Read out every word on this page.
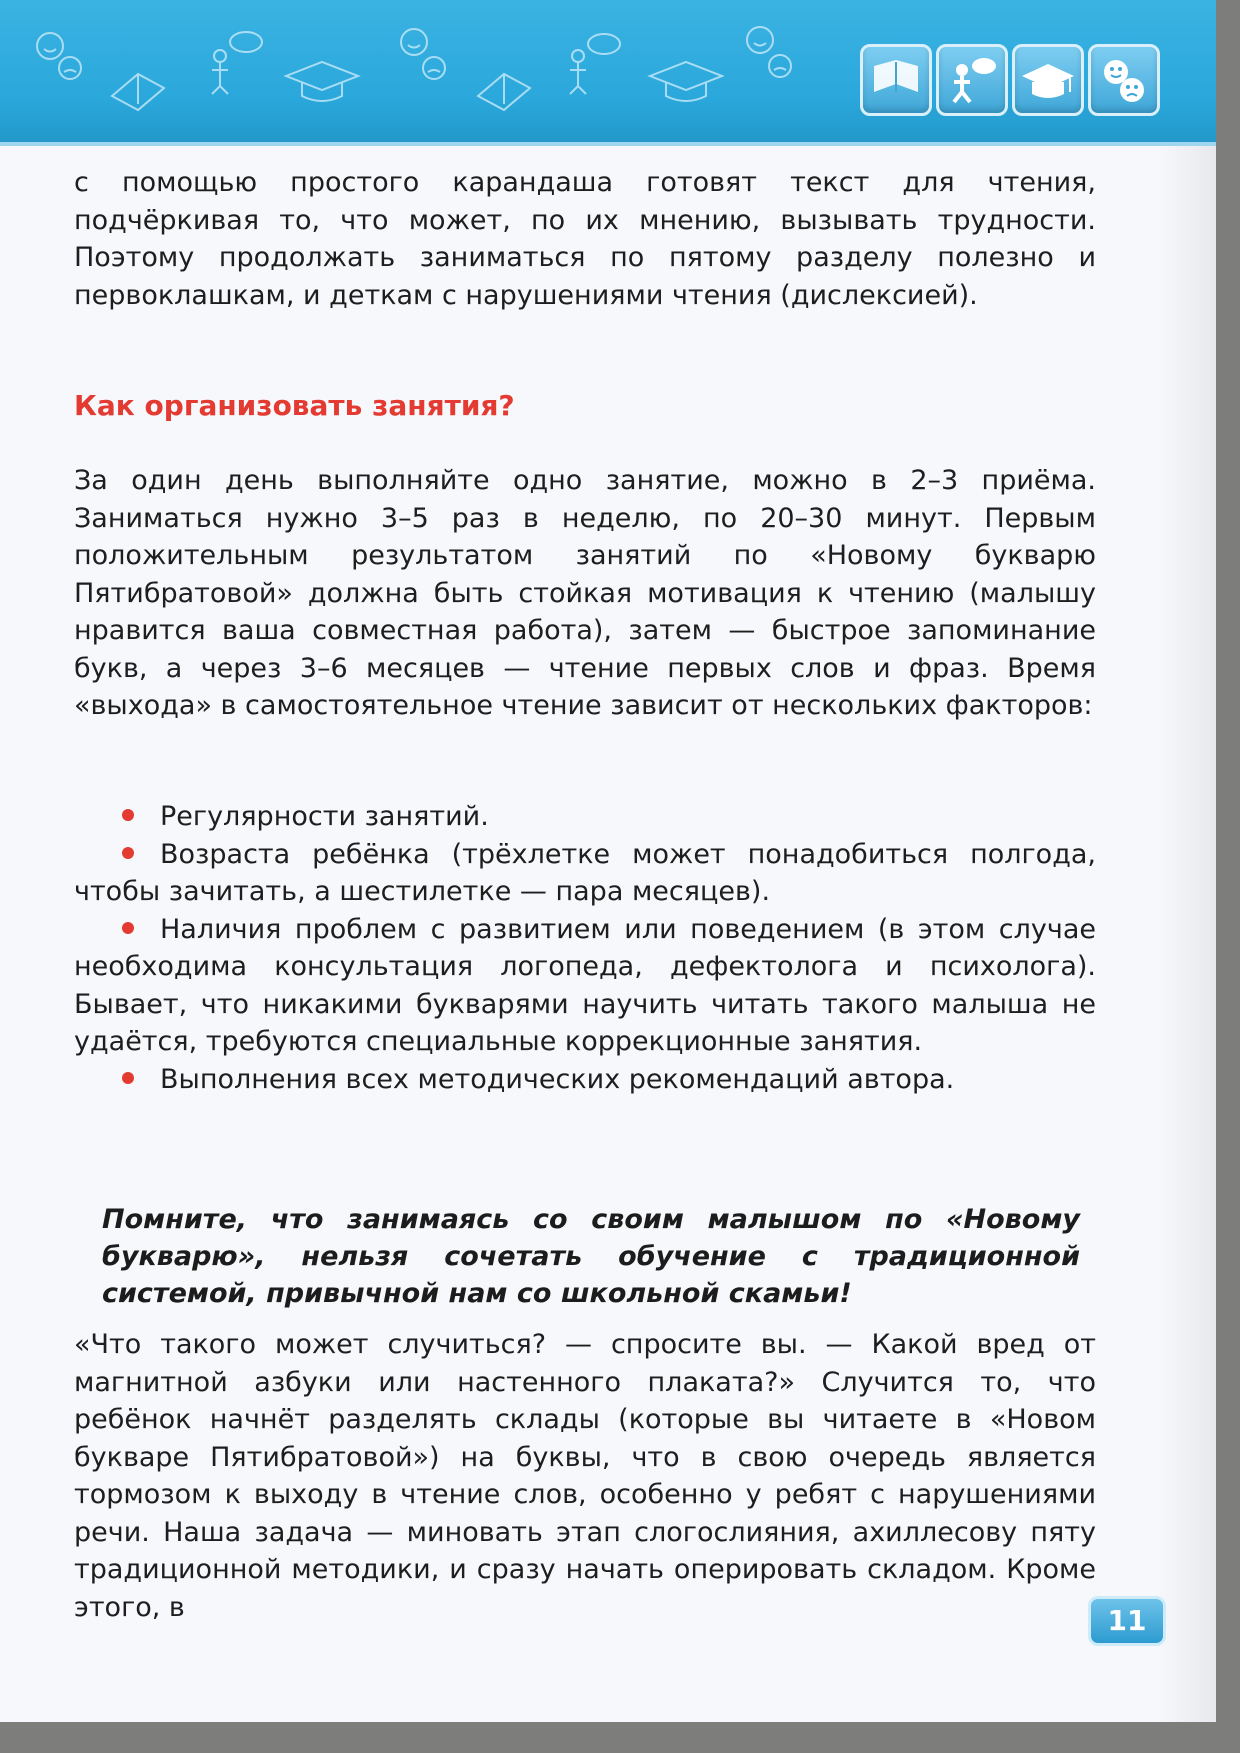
с помощью простого карандаша готовят текст для чтения, подчёркивая то, что может, по их мнению, вызывать трудности. Поэтому продолжать заниматься по пятому разделу полезно и первоклашкам, и деткам с нарушениями чтения (дислексией).

Как организовать занятия?

За один день выполняйте одно занятие, можно в 2–3 приёма. Заниматься нужно 3–5 раз в неделю, по 20–30 минут. Первым положительным результатом занятий по «Новому букварю Пятибратовой» должна быть стойкая мотивация к чтению (малышу нравится ваша совместная работа), затем — быстрое запоминание букв, а через 3–6 месяцев — чтение первых слов и фраз. Время «выхода» в самостоятельное чтение зависит от нескольких факторов:

Регулярности занятий.
Возраста ребёнка (трёхлетке может понадобиться полгода, чтобы зачитать, а шестилетке — пара месяцев).
Наличия проблем с развитием или поведением (в этом случае необходима консультация логопеда, дефектолога и психолога). Бывает, что никакими букварями научить читать такого малыша не удаётся, требуются специальные коррекционные занятия.
Выполнения всех методических рекомендаций автора.

Помните, что занимаясь со своим малышом по «Новому букварю», нельзя сочетать обучение с традиционной системой, привычной нам со школьной скамьи!

«Что такого может случиться? — спросите вы. — Какой вред от магнитной азбуки или настенного плаката?» Случится то, что ребёнок начнёт разделять склады (которые вы читаете в «Новом букваре Пятибратовой») на буквы, что в свою очередь является тормозом к выходу в чтение слов, особенно у ребят с нарушениями речи. Наша задача — миновать этап слогослияния, ахиллесову пяту традиционной методики, и сразу начать оперировать складом. Кроме этого, в	11
